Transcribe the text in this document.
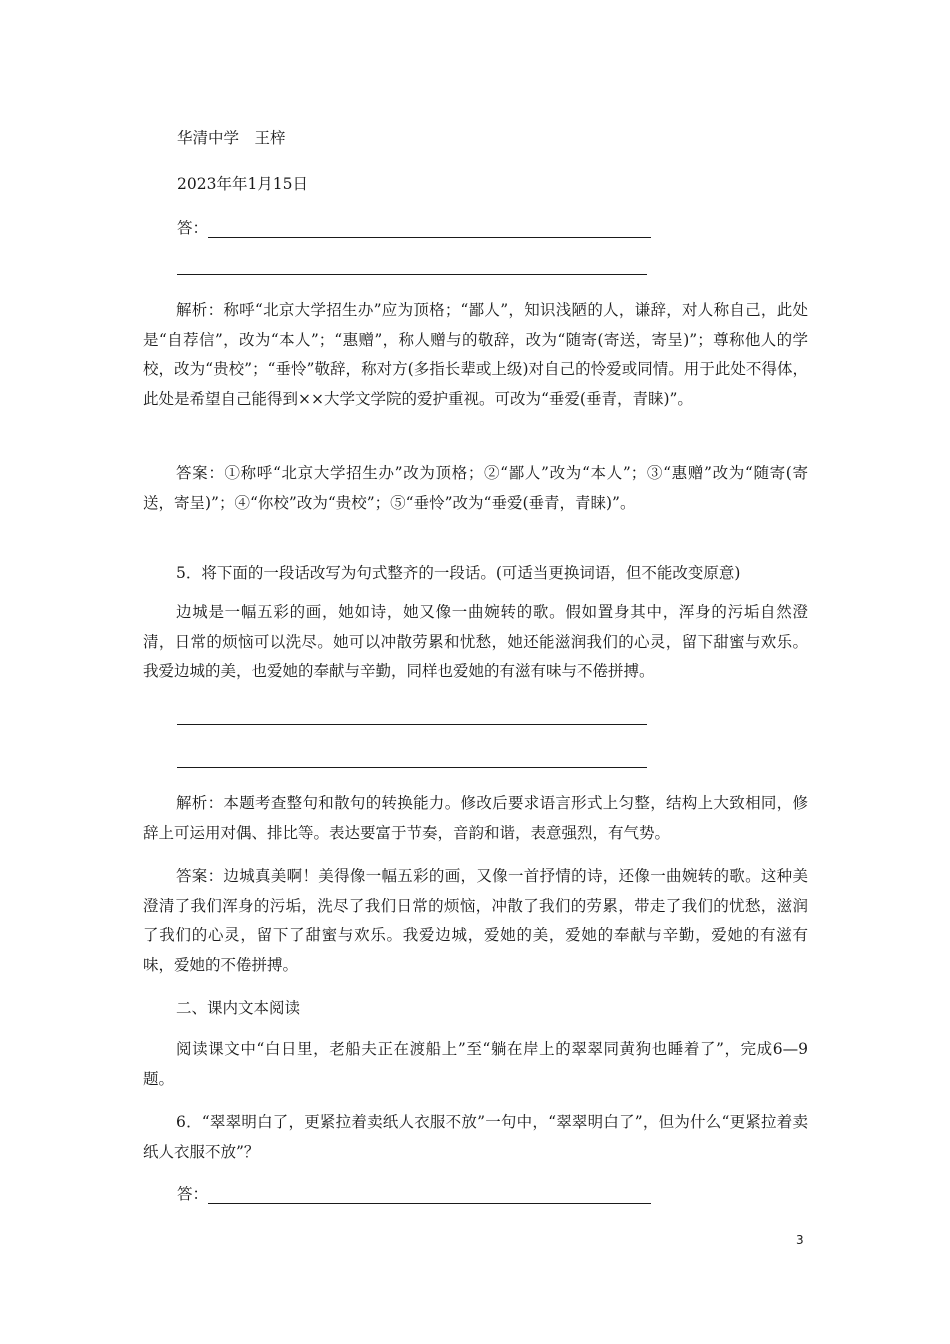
华清中学　王梓
2023年年1月15日
答：
解析：称呼“北京大学招生办”应为顶格；“鄙人”，知识浅陋的人，谦辞，对人称自己，此处是“自荐信”，改为“本人”；“惠赠”，称人赠与的敬辞，改为“随寄(寄送，寄呈)”；尊称他人的学校，改为“贵校”；“垂怜”敬辞，称对方(多指长辈或上级)对自己的怜爱或同情。用于此处不得体，此处是希望自己能得到××大学文学院的爱护重视。可改为“垂爱(垂青，青睐)”。
答案：①称呼“北京大学招生办”改为顶格；②“鄙人”改为“本人”；③“惠赠”改为“随寄(寄送，寄呈)”；④“你校”改为“贵校”；⑤“垂怜”改为“垂爱(垂青，青睐)”。
5．将下面的一段话改写为句式整齐的一段话。(可适当更换词语，但不能改变原意)
边城是一幅五彩的画，她如诗，她又像一曲婉转的歌。假如置身其中，浑身的污垢自然澄清，日常的烦恼可以洗尽。她可以冲散劳累和忧愁，她还能滋润我们的心灵，留下甜蜜与欢乐。我爱边城的美，也爱她的奉献与辛勤，同样也爱她的有滋有味与不倦拼搏。
解析：本题考查整句和散句的转换能力。修改后要求语言形式上匀整，结构上大致相同，修辞上可运用对偶、排比等。表达要富于节奏，音韵和谐，表意强烈，有气势。
答案：边城真美啊！美得像一幅五彩的画，又像一首抒情的诗，还像一曲婉转的歌。这种美澄清了我们浑身的污垢，洗尽了我们日常的烦恼，冲散了我们的劳累，带走了我们的忧愁，滋润了我们的心灵，留下了甜蜜与欢乐。我爱边城，爱她的美，爱她的奉献与辛勤，爱她的有滋有味，爱她的不倦拼搏。
二、课内文本阅读
阅读课文中“白日里，老船夫正在渡船上”至“躺在岸上的翠翠同黄狗也睡着了”，完成6—9题。
6．“翠翠明白了，更紧拉着卖纸人衣服不放”一句中，“翠翠明白了”，但为什么“更紧拉着卖纸人衣服不放”？
答：
3
